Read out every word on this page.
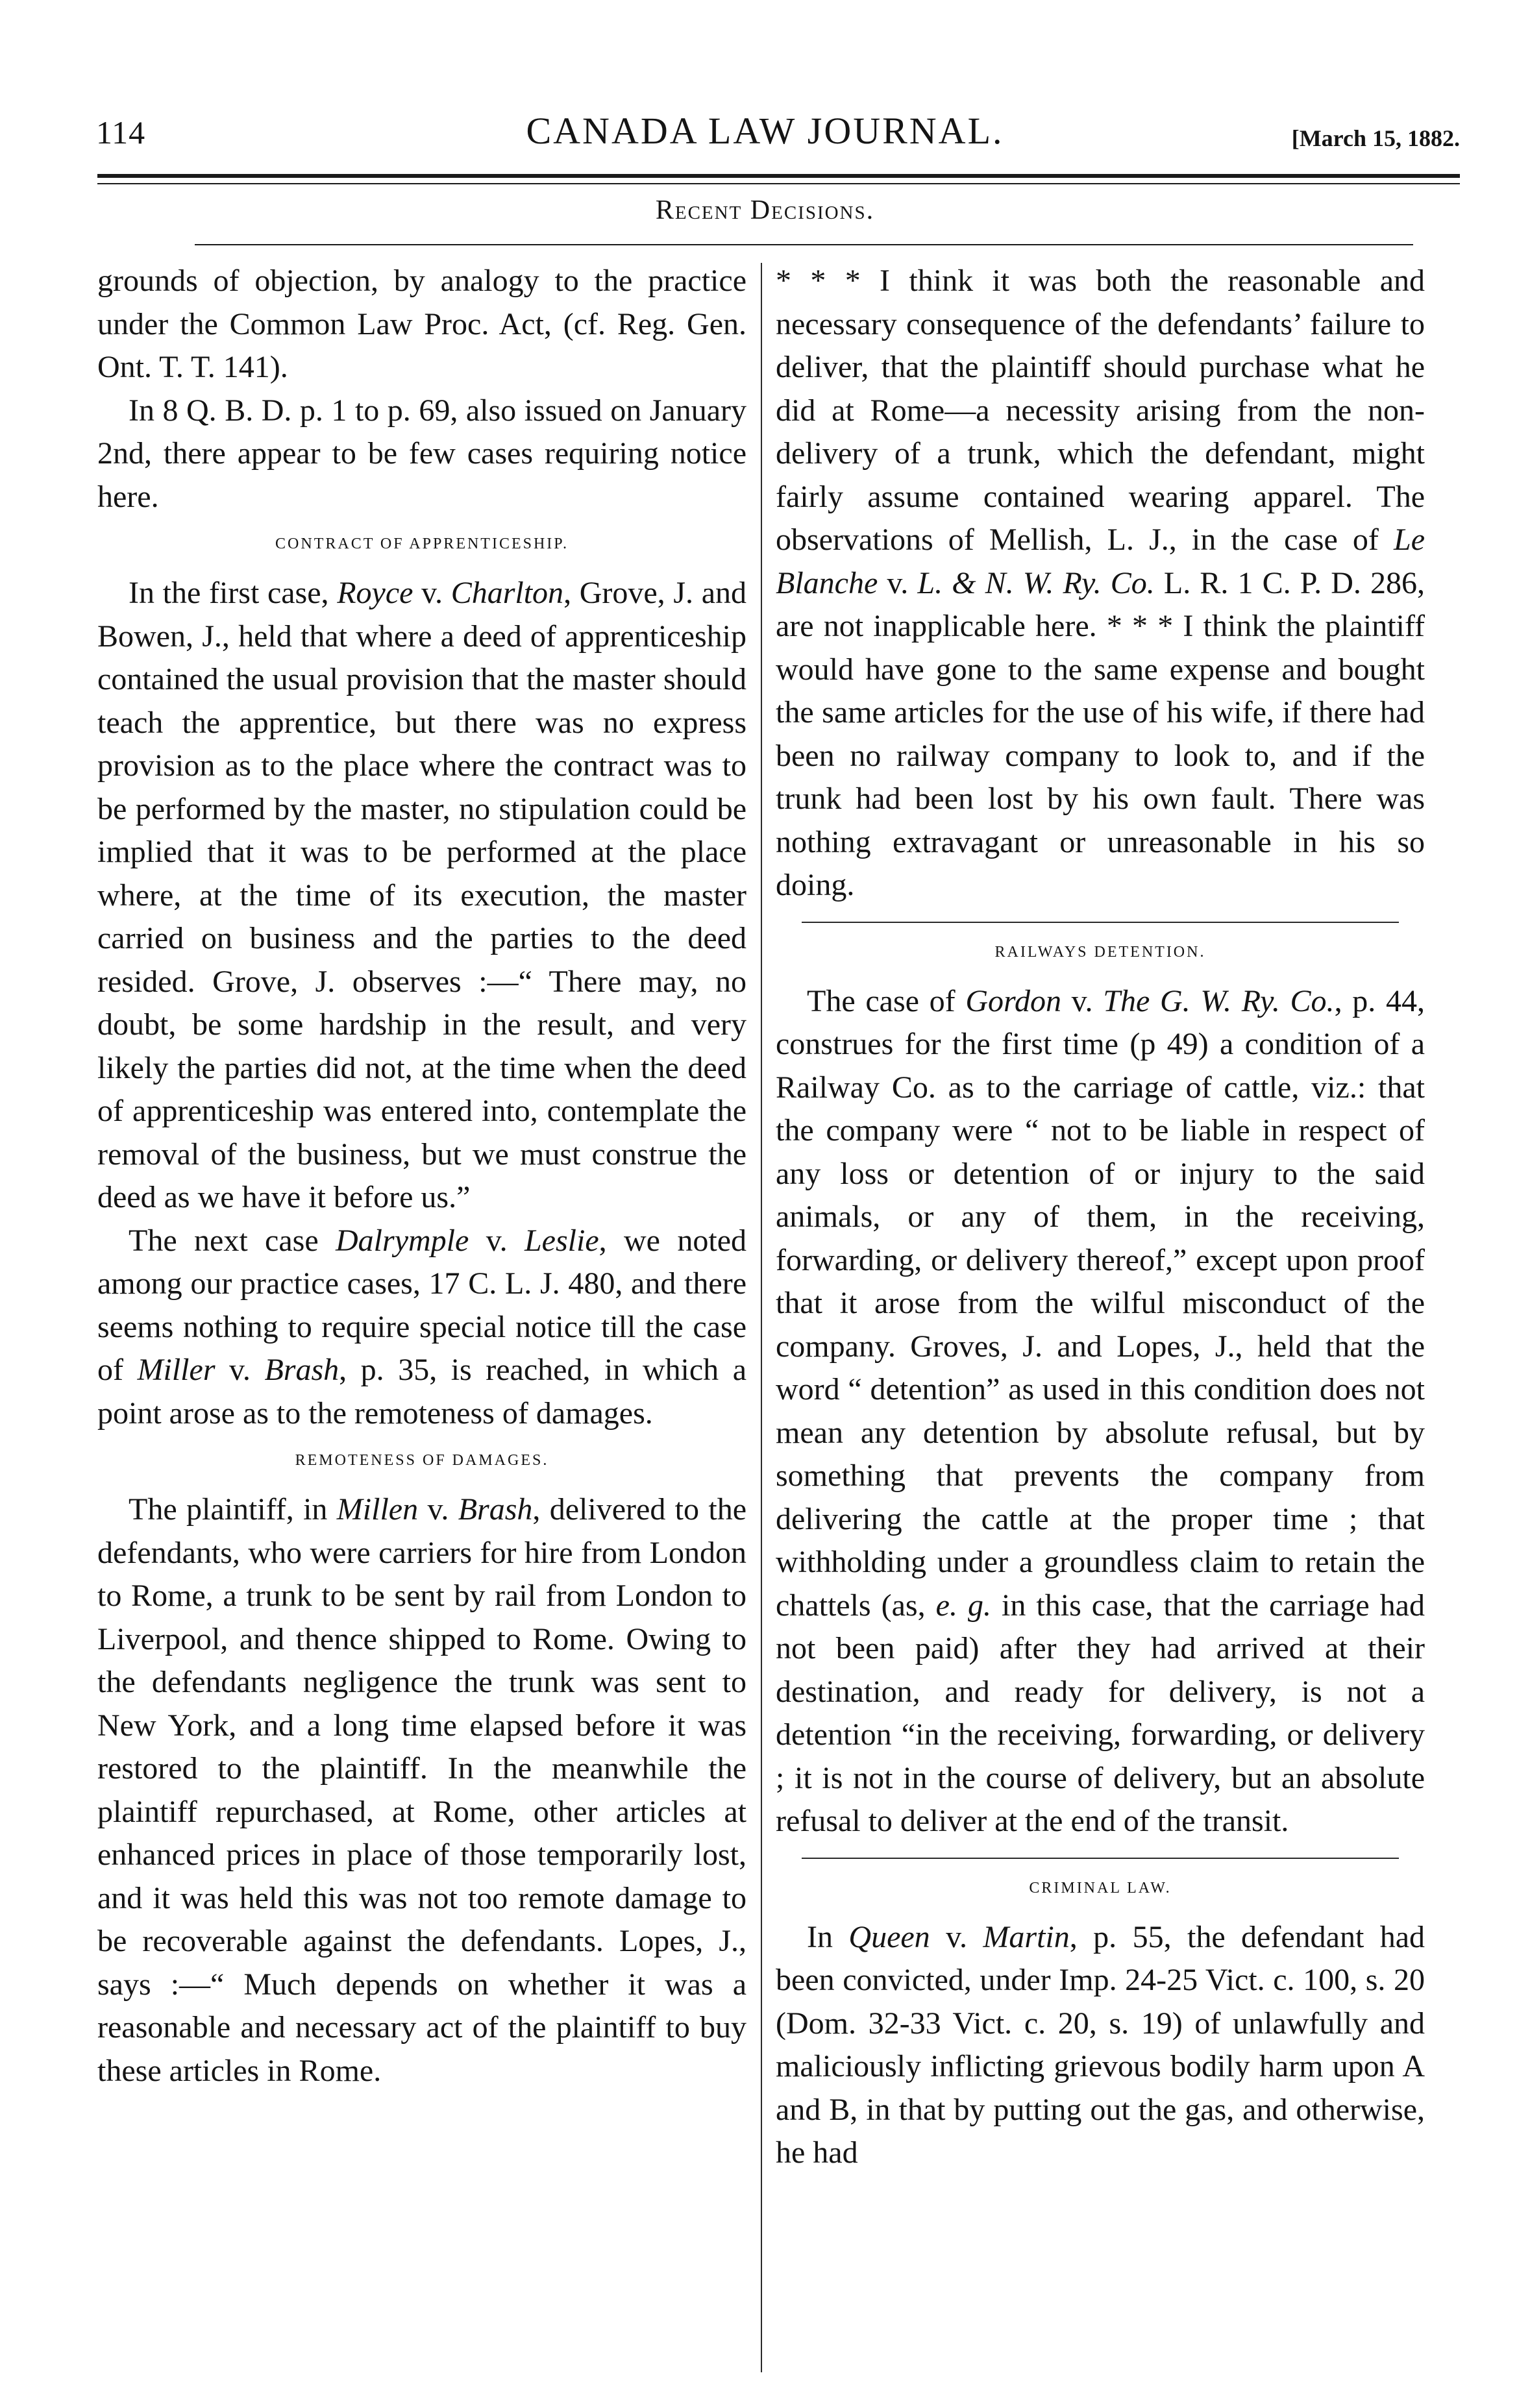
114	CANADA LAW JOURNAL.	[March 15, 1882.
Recent Decisions.

grounds of objection, by analogy to the practice under the Common Law Proc. Act, (cf. Reg. Gen. Ont. T. T. 141).

In 8 Q. B. D. p. 1 to p. 69, also issued on January 2nd, there appear to be few cases requiring notice here.

CONTRACT OF APPRENTICESHIP.

In the first case, Royce v. Charlton, Grove, J. and Bowen, J., held that where a deed of apprenticeship contained the usual provision that the master should teach the apprentice, but there was no express provision as to the place where the contract was to be performed by the master, no stipulation could be implied that it was to be performed at the place where, at the time of its execution, the master carried on business and the parties to the deed resided. Grove, J. observes :—“ There may, no doubt, be some hardship in the result, and very likely the parties did not, at the time when the deed of apprenticeship was entered into, contemplate the removal of the business, but we must construe the deed as we have it before us.”

The next case Dalrymple v. Leslie, we noted among our practice cases, 17 C. L. J. 480, and there seems nothing to require special notice till the case of Miller v. Brash, p. 35, is reached, in which a point arose as to the remoteness of damages.

REMOTENESS OF DAMAGES.

The plaintiff, in Millen v. Brash, delivered to the defendants, who were carriers for hire from London to Rome, a trunk to be sent by rail from London to Liverpool, and thence shipped to Rome. Owing to the defendants negligence the trunk was sent to New York, and a long time elapsed before it was restored to the plaintiff. In the meanwhile the plaintiff repurchased, at Rome, other articles at enhanced prices in place of those temporarily lost, and it was held this was not too remote damage to be recoverable against the defendants. Lopes, J., says :—“ Much depends on whether it was a reasonable and necessary act of the plaintiff to buy these articles in Rome.

* * * I think it was both the reasonable and necessary consequence of the defendants’ failure to deliver, that the plaintiff should purchase what he did at Rome—a necessity arising from the non-delivery of a trunk, which the defendant, might fairly assume contained wearing apparel. The observations of Mellish, L. J., in the case of Le Blanche v. L. & N. W. Ry. Co. L. R. 1 C. P. D. 286, are not inapplicable here. * * * I think the plaintiff would have gone to the same expense and bought the same articles for the use of his wife, if there had been no railway company to look to, and if the trunk had been lost by his own fault. There was nothing extravagant or unreasonable in his so doing.

RAILWAYS DETENTION.

The case of Gordon v. The G. W. Ry. Co., p. 44, construes for the first time (p 49) a condition of a Railway Co. as to the carriage of cattle, viz.: that the company were “ not to be liable in respect of any loss or detention of or injury to the said animals, or any of them, in the receiving, forwarding, or delivery thereof,” except upon proof that it arose from the wilful misconduct of the company. Groves, J. and Lopes, J., held that the word “ detention” as used in this condition does not mean any detention by absolute refusal, but by something that prevents the company from delivering the cattle at the proper time ; that withholding under a groundless claim to retain the chattels (as, e. g. in this case, that the carriage had not been paid) after they had arrived at their destination, and ready for delivery, is not a detention “in the receiving, forwarding, or delivery ; it is not in the course of delivery, but an absolute refusal to deliver at the end of the transit.

CRIMINAL LAW.

In Queen v. Martin, p. 55, the defendant had been convicted, under Imp. 24-25 Vict. c. 100, s. 20 (Dom. 32-33 Vict. c. 20, s. 19) of unlawfully and maliciously inflicting grievous bodily harm upon A and B, in that by putting out the gas, and otherwise, he had
